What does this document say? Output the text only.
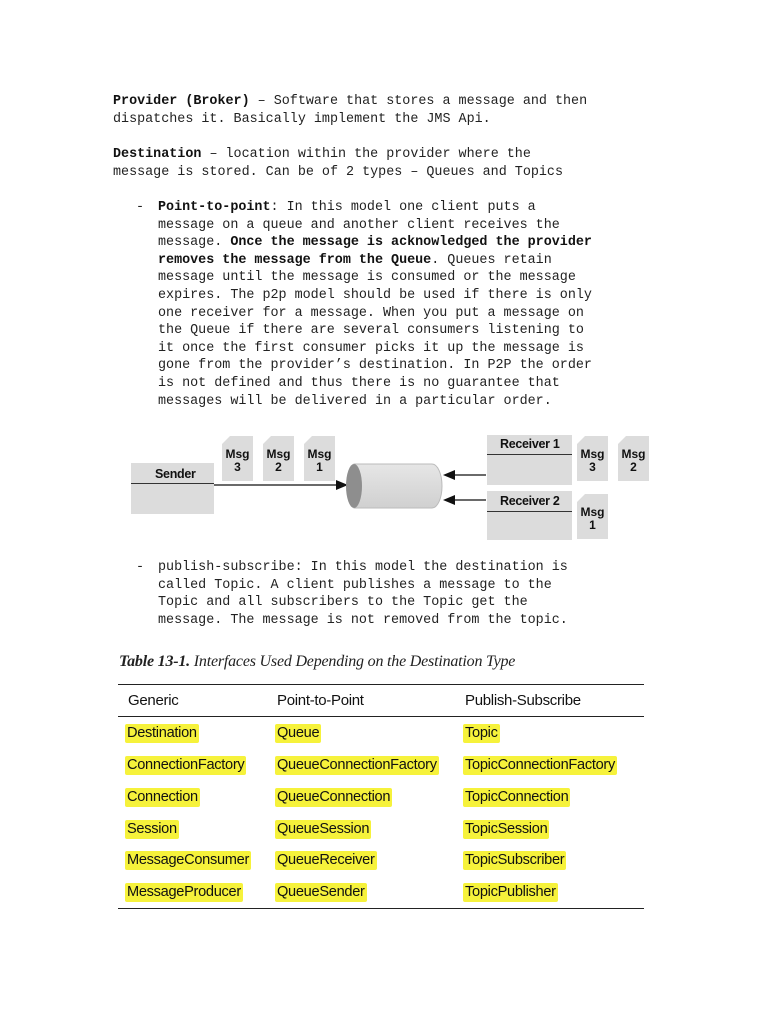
Provider (Broker) – Software that stores a message and then
dispatches it. Basically implement the JMS Api.

Destination – location within the provider where the
message is stored. Can be of 2 types – Queues and Topics

- Point-to-point: In this model one client puts a
message on a queue and another client receives the
message. Once the message is acknowledged the provider
removes the message from the Queue. Queues retain
message until the message is consumed or the message
expires. The p2p model should be used if there is only
one receiver for a message. When you put a message on
the Queue if there are several consumers listening to
it once the first consumer picks it up the message is
gone from the provider’s destination. In P2P the order
is not defined and thus there is no guarantee that
messages will be delivered in a particular order.
Sender
Msg
3
Msg
2
Msg
1
Receiver 1
Msg
3
Msg
2
Receiver 2
Msg
1
- publish-subscribe: In this model the destination is
called Topic. A client publishes a message to the
Topic and all subscribers to the Topic get the
message. The message is not removed from the topic.
Table 13-1. Interfaces Used Depending on the Destination Type
Generic	Point-to-Point	Publish-Subscribe
Destination	Queue	Topic
ConnectionFactory QueueConnectionFactory TopicConnectionFactory
Connection	QueueConnection	TopicConnection
Session	QueueSession	TopicSession
MessageConsumer QueueReceiver	TopicSubscriber
MessageProducer QueueSender	TopicPublisher
